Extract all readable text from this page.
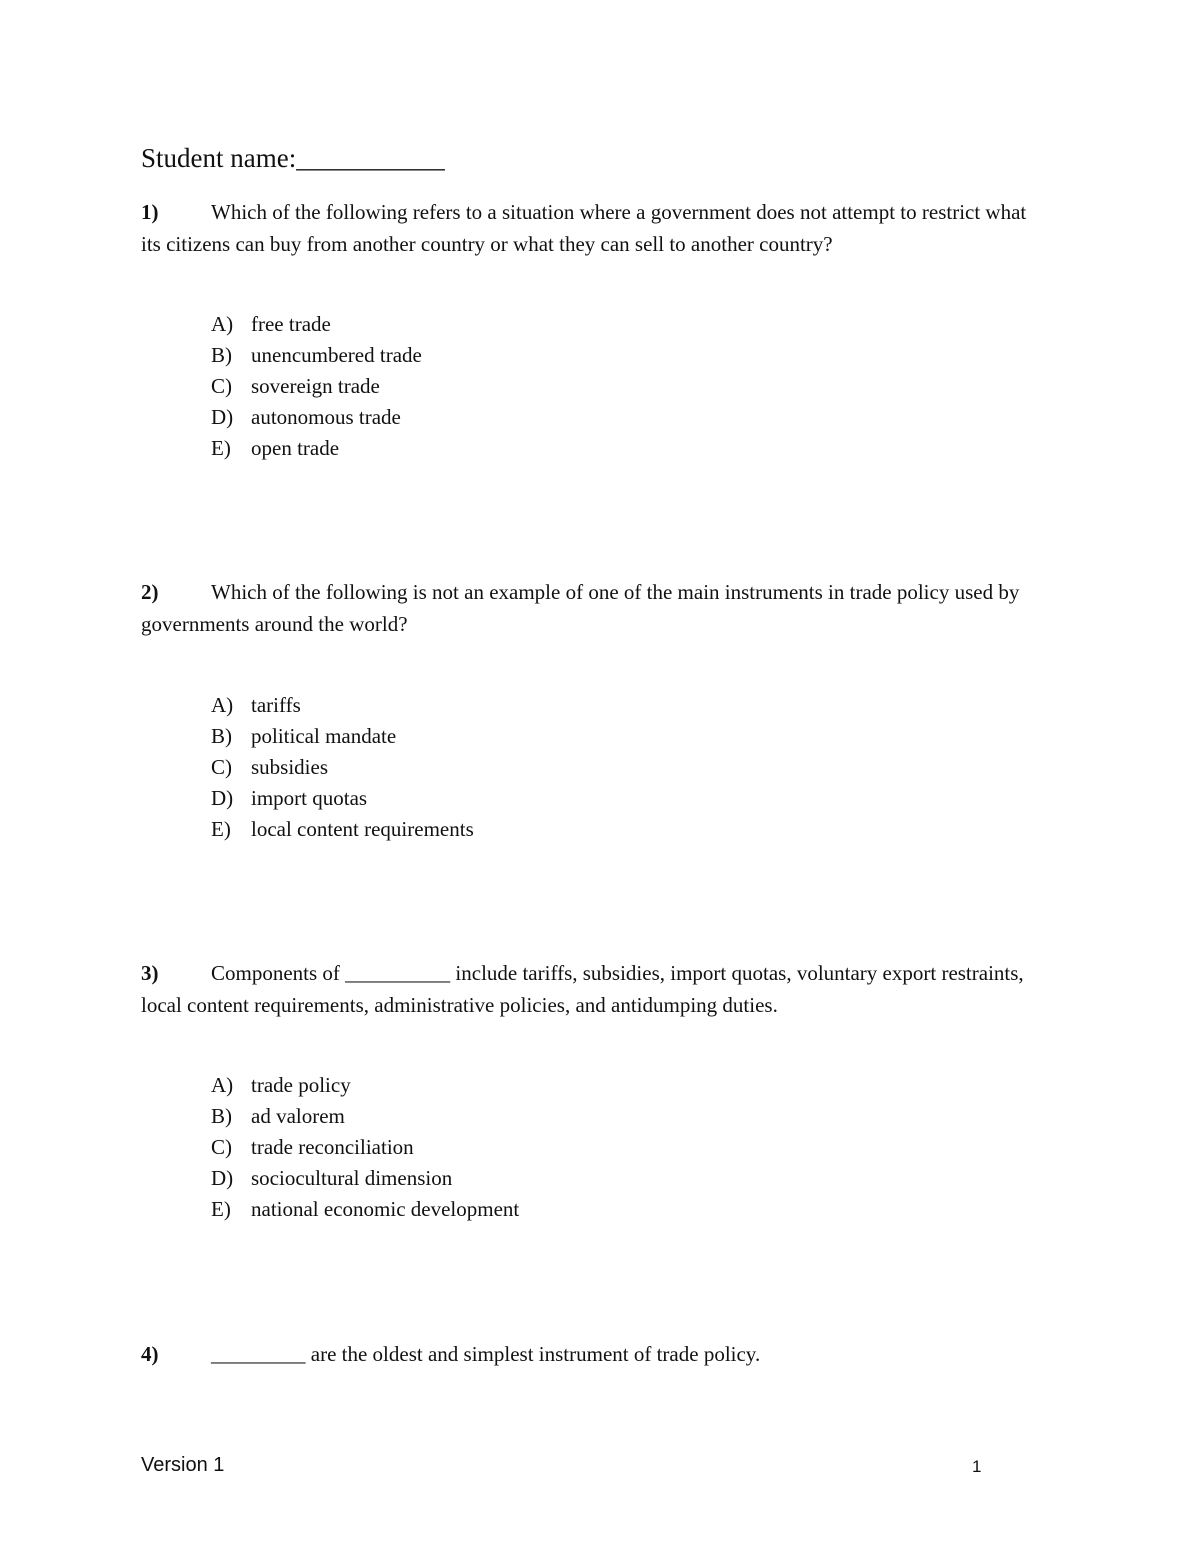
Student name:___________
1)	Which of the following refers to a situation where a government does not attempt to restrict what its citizens can buy from another country or what they can sell to another country?
A) free trade
B) unencumbered trade
C) sovereign trade
D) autonomous trade
E) open trade
2)	Which of the following is not an example of one of the main instruments in trade policy used by governments around the world?
A) tariffs
B) political mandate
C) subsidies
D) import quotas
E) local content requirements
3)	Components of __________ include tariffs, subsidies, import quotas, voluntary export restraints, local content requirements, administrative policies, and antidumping duties.
A) trade policy
B) ad valorem
C) trade reconciliation
D) sociocultural dimension
E) national economic development
4)	_________ are the oldest and simplest instrument of trade policy.
Version 1	1
